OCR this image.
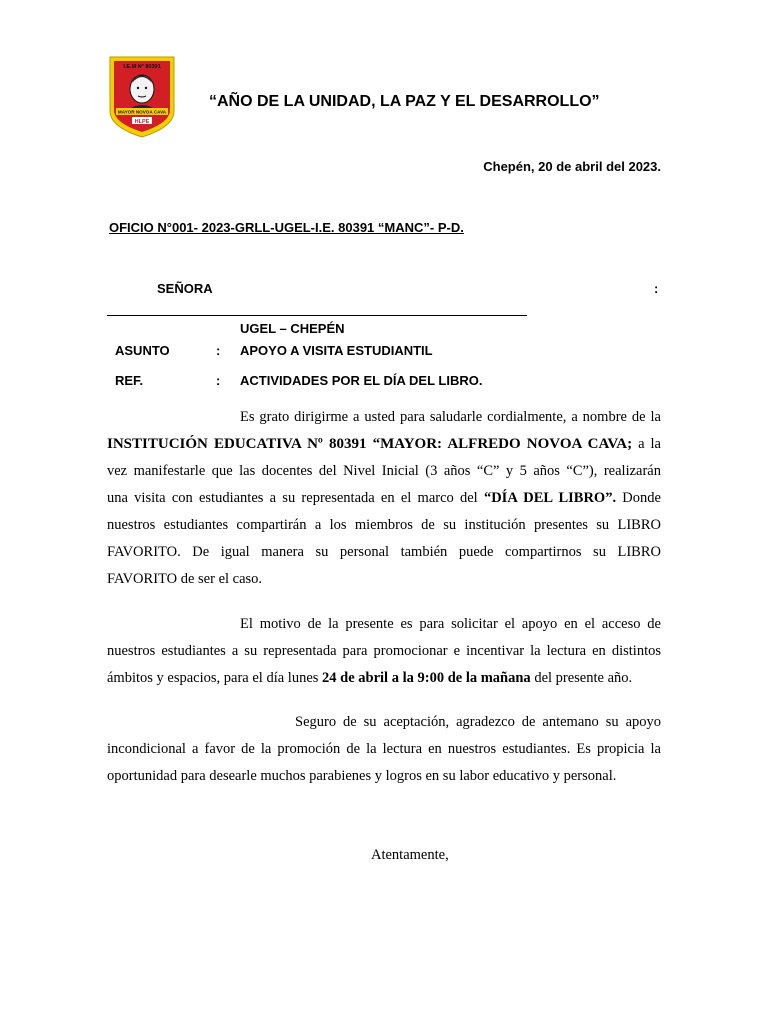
I.E.M N° 80391
MAYOR NOVOA CAVA
HLPE
“AÑO DE LA UNIDAD, LA PAZ Y EL DESARROLLO”
Chepén, 20 de abril del 2023.
OFICIO N°001- 2023-GRLL-UGEL-I.E. 80391 “MANC”- P-D.
SEÑORA	:
UGEL – CHEPÉN
ASUNTO	: APOYO A VISITA ESTUDIANTIL
REF.	: ACTIVIDADES POR EL DÍA DEL LIBRO.
Es grato dirigirme a usted para saludarle cordialmente, a nombre de la
INSTITUCIÓN EDUCATIVA Nº 80391 “MAYOR: ALFREDO NOVOA CAVA; a la
vez manifestarle que las docentes del Nivel Inicial (3 años “C” y 5 años “C”), realizarán
una visita con estudiantes a su representada en el marco del “DÍA DEL LIBRO”. Donde
nuestros estudiantes compartirán a los miembros de su institución presentes su LIBRO
FAVORITO. De igual manera su personal también puede compartirnos su LIBRO
FAVORITO de ser el caso.
El motivo de la presente es para solicitar el apoyo en el acceso de
nuestros estudiantes a su representada para promocionar e incentivar la lectura en distintos
ámbitos y espacios, para el día lunes 24 de abril a la 9:00 de la mañana del presente año.
Seguro de su aceptación, agradezco de antemano su apoyo
incondicional a favor de la promoción de la lectura en nuestros estudiantes. Es propicia la
oportunidad para desearle muchos parabienes y logros en su labor educativo y personal.
Atentamente,
